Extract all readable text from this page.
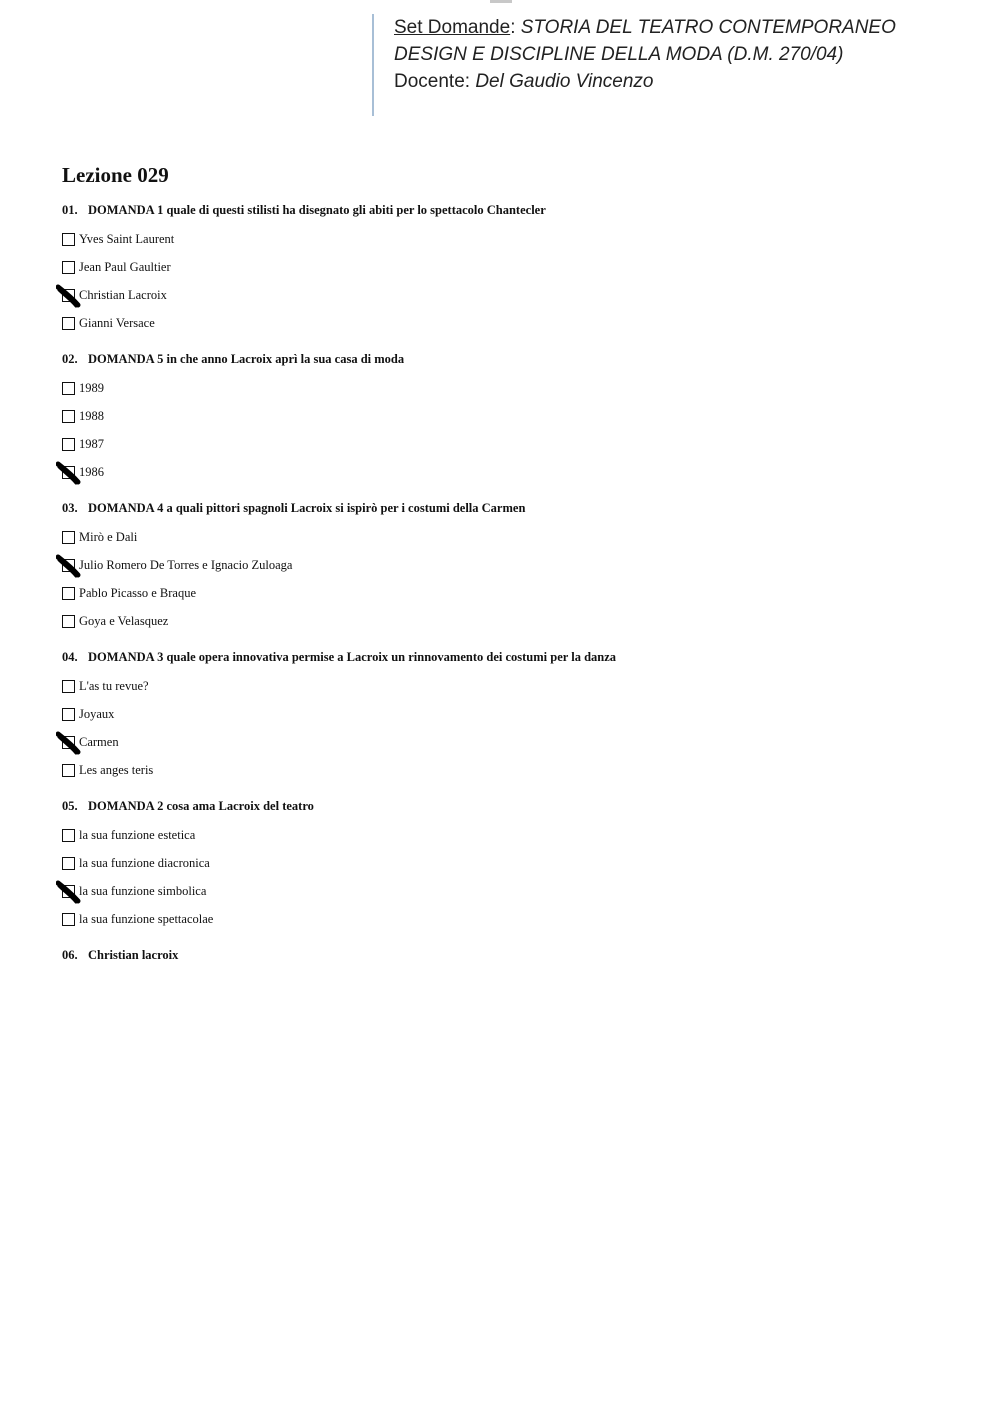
Set Domande: STORIA DEL TEATRO CONTEMPORANEO
DESIGN E DISCIPLINE DELLA MODA (D.M. 270/04)
Docente: Del Gaudio Vincenzo
Lezione 029
01. DOMANDA 1 quale di questi stilisti ha disegnato gli abiti per lo spettacolo Chantecler
Yves Saint Laurent
Jean Paul Gaultier
Christian Lacroix
Gianni Versace
02. DOMANDA 5 in che anno Lacroix aprì la sua casa di moda
1989
1988
1987
1986
03. DOMANDA 4 a quali pittori spagnoli Lacroix si ispirò per i costumi della Carmen
Mirò e Dali
Julio Romero De Torres e Ignacio Zuloaga
Pablo Picasso e Braque
Goya e Velasquez
04. DOMANDA 3 quale opera innovativa permise a Lacroix un rinnovamento dei costumi per la danza
L'as tu revue?
Joyaux
Carmen
Les anges teris
05. DOMANDA 2 cosa ama Lacroix del teatro
la sua funzione estetica
la sua funzione diacronica
la sua funzione simbolica
la sua funzione spettacolae
06. Christian lacroix
